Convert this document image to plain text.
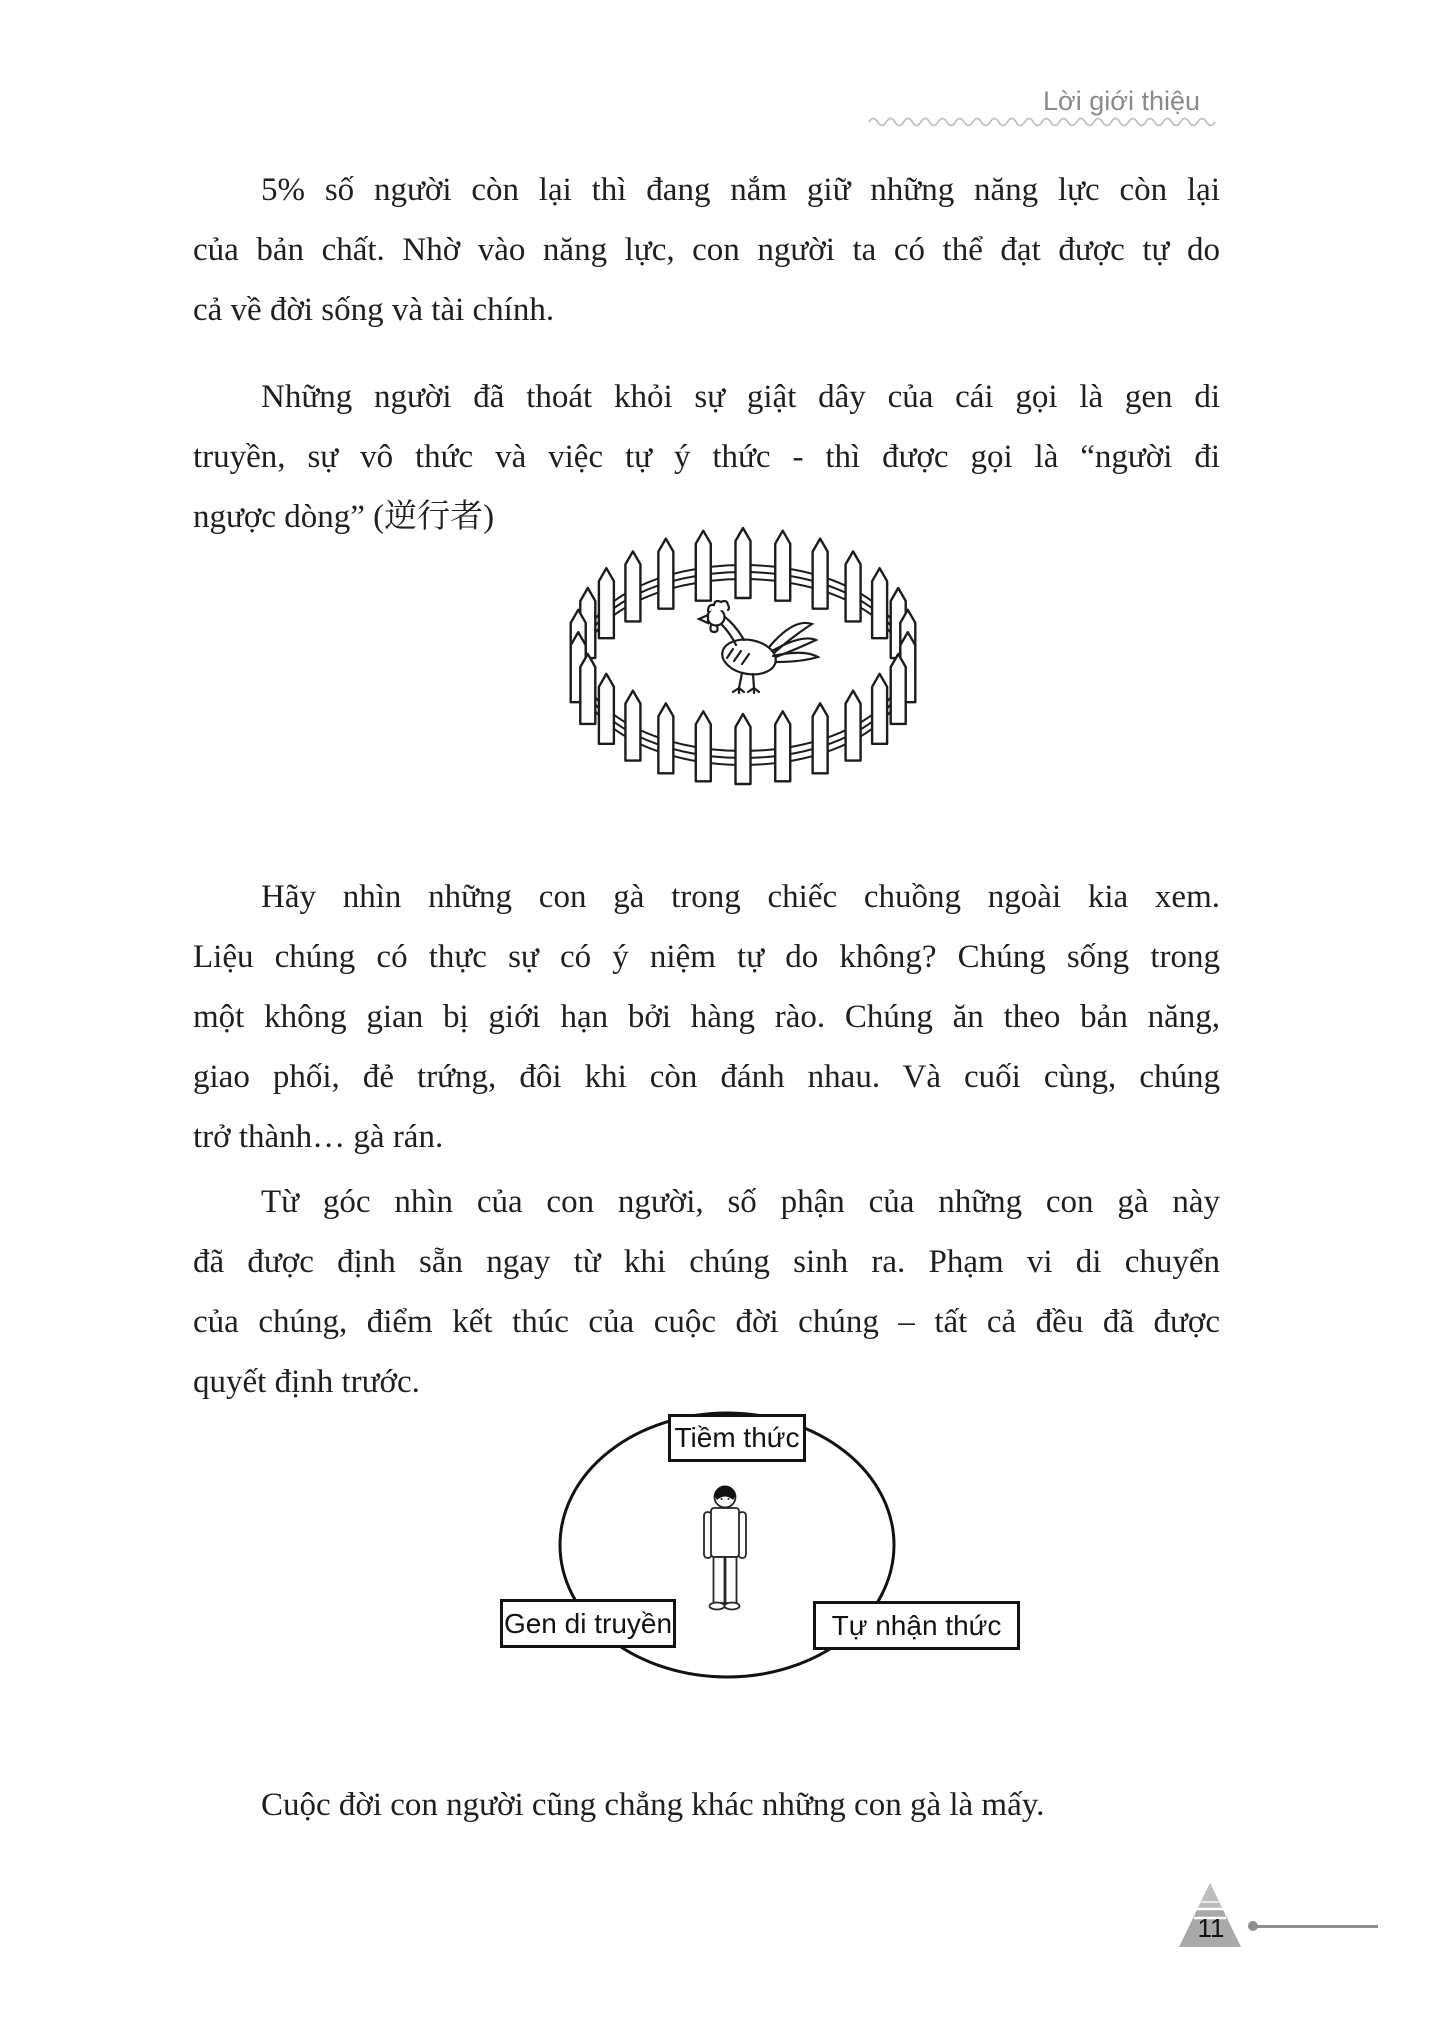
Lời giới thiệu
5% số người còn lại thì đang nắm giữ những năng lực còn lại
của bản chất. Nhờ vào năng lực, con người ta có thể đạt được tự do
cả về đời sống và tài chính.
Những người đã thoát khỏi sự giật dây của cái gọi là gen di
truyền, sự vô thức và việc tự ý thức - thì được gọi là “người đi
ngược dòng” (逆行者)
Hãy nhìn những con gà trong chiếc chuồng ngoài kia xem.
Liệu chúng có thực sự có ý niệm tự do không? Chúng sống trong
một không gian bị giới hạn bởi hàng rào. Chúng ăn theo bản năng,
giao phối, đẻ trứng, đôi khi còn đánh nhau. Và cuối cùng, chúng
trở thành… gà rán.
Từ góc nhìn của con người, số phận của những con gà này
đã được định sẵn ngay từ khi chúng sinh ra. Phạm vi di chuyển
của chúng, điểm kết thúc của cuộc đời chúng – tất cả đều đã được
quyết định trước.
Tiềm thức
Gen di truyền	Tự nhận thức
Cuộc đời con người cũng chẳng khác những con gà là mấy.
11
